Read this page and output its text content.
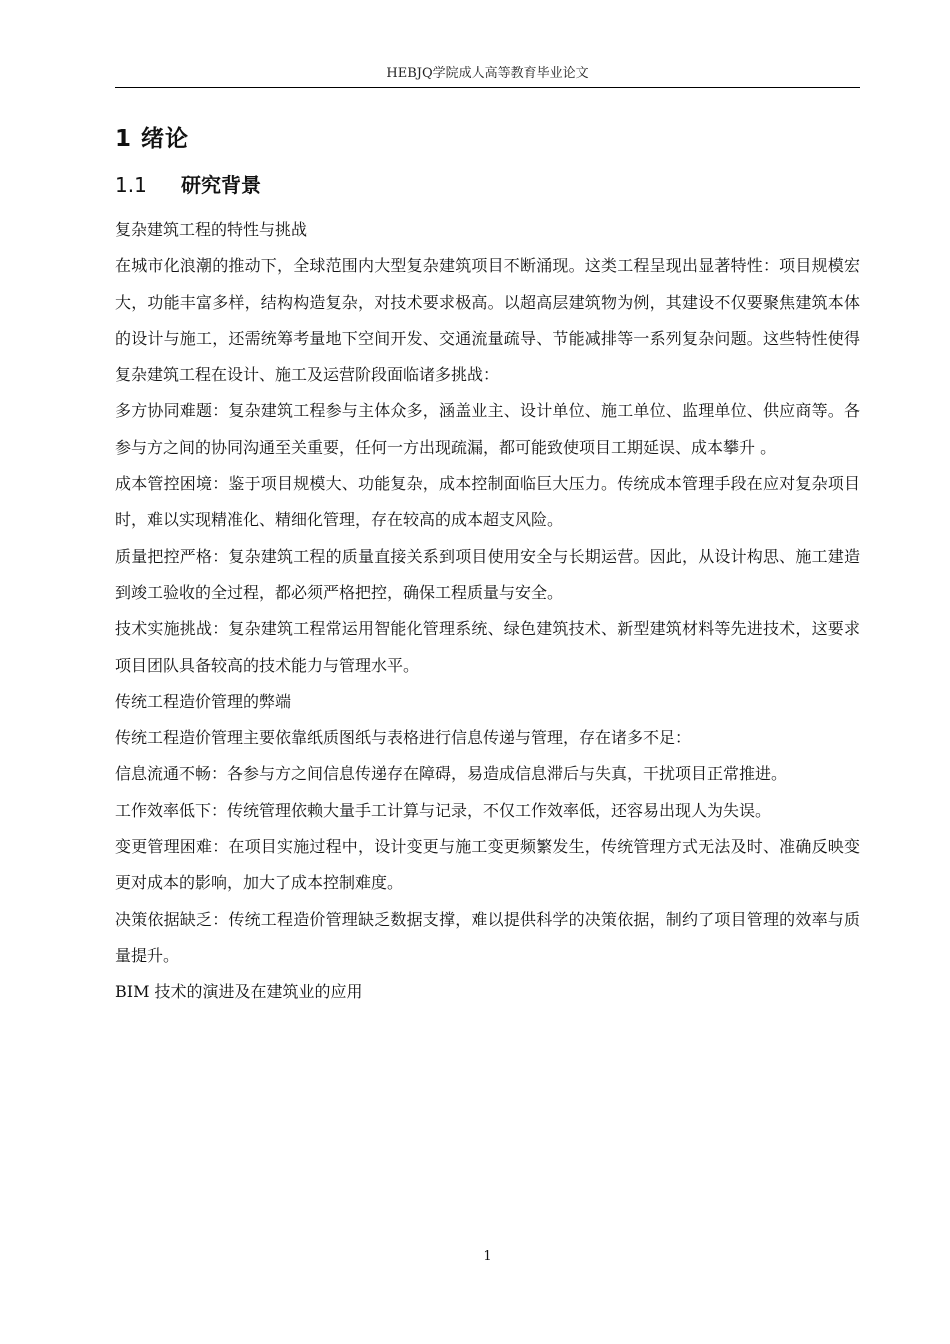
HEBJQ学院成人高等教育毕业论文
1 绪论
1.1 研究背景

复杂建筑工程的特性与挑战

在城市化浪潮的推动下，全球范围内大型复杂建筑项目不断涌现。这类工程呈现出显著特性：项目规模宏大，功能丰富多样，结构构造复杂，对技术要求极高。以超高层建筑物为例，其建设不仅要聚焦建筑本体的设计与施工，还需统筹考量地下空间开发、交通流量疏导、节能减排等一系列复杂问题。这些特性使得复杂建筑工程在设计、施工及运营阶段面临诸多挑战：

多方协同难题：复杂建筑工程参与主体众多，涵盖业主、设计单位、施工单位、监理单位、供应商等。各参与方之间的协同沟通至关重要，任何一方出现疏漏，都可能致使项目工期延误、成本攀升 。

成本管控困境：鉴于项目规模大、功能复杂，成本控制面临巨大压力。传统成本管理手段在应对复杂项目时，难以实现精准化、精细化管理，存在较高的成本超支风险。

质量把控严格：复杂建筑工程的质量直接关系到项目使用安全与长期运营。因此，从设计构思、施工建造到竣工验收的全过程，都必须严格把控，确保工程质量与安全。

技术实施挑战：复杂建筑工程常运用智能化管理系统、绿色建筑技术、新型建筑材料等先进技术，这要求项目团队具备较高的技术能力与管理水平。

传统工程造价管理的弊端

传统工程造价管理主要依靠纸质图纸与表格进行信息传递与管理，存在诸多不足：

信息流通不畅：各参与方之间信息传递存在障碍，易造成信息滞后与失真，干扰项目正常推进。

工作效率低下：传统管理依赖大量手工计算与记录，不仅工作效率低，还容易出现人为失误。

变更管理困难：在项目实施过程中，设计变更与施工变更频繁发生，传统管理方式无法及时、准确反映变更对成本的影响，加大了成本控制难度。

决策依据缺乏：传统工程造价管理缺乏数据支撑，难以提供科学的决策依据，制约了项目管理的效率与质量提升。

BIM 技术的演进及在建筑业的应用

1
